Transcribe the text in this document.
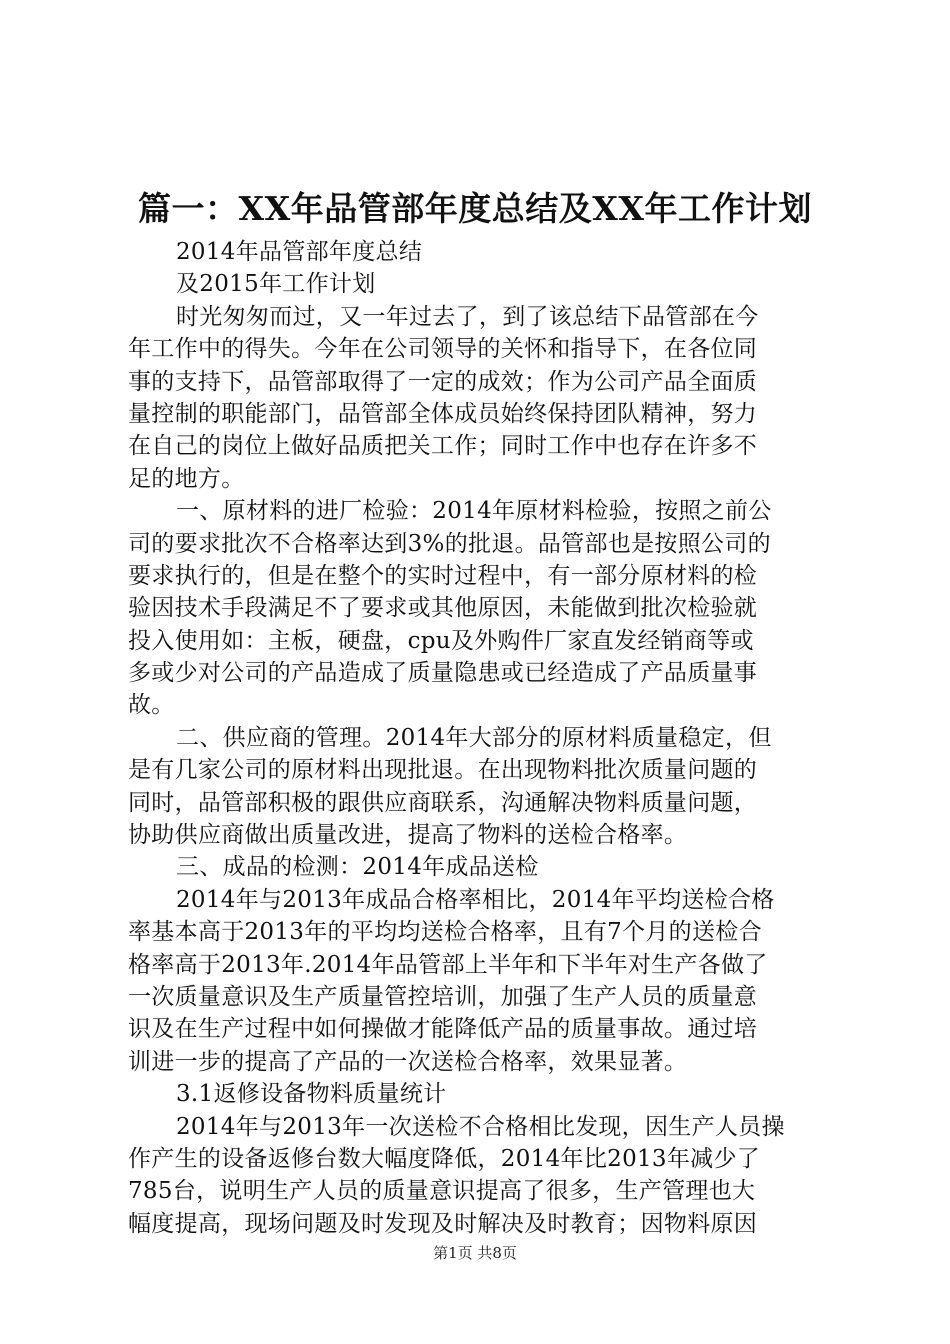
篇一：XX年品管部年度总结及XX年工作计划

2014年品管部年度总结

及2015年工作计划

时光匆匆而过，又一年过去了，到了该总结下品管部在今

年工作中的得失。今年在公司领导的关怀和指导下，在各位同

事的支持下，品管部取得了一定的成效；作为公司产品全面质

量控制的职能部门，品管部全体成员始终保持团队精神，努力

在自己的岗位上做好品质把关工作；同时工作中也存在许多不

足的地方。

一、原材料的进厂检验：2014年原材料检验，按照之前公

司的要求批次不合格率达到3%的批退。品管部也是按照公司的

要求执行的，但是在整个的实时过程中，有一部分原材料的检

验因技术手段满足不了要求或其他原因，未能做到批次检验就

投入使用如：主板，硬盘，cpu及外购件厂家直发经销商等或

多或少对公司的产品造成了质量隐患或已经造成了产品质量事

故。

二、供应商的管理。2014年大部分的原材料质量稳定，但

是有几家公司的原材料出现批退。在出现物料批次质量问题的

同时，品管部积极的跟供应商联系，沟通解决物料质量问题，

协助供应商做出质量改进，提高了物料的送检合格率。

三、成品的检测：2014年成品送检

2014年与2013年成品合格率相比，2014年平均送检合格

率基本高于2013年的平均均送检合格率，且有7个月的送检合

格率高于2013年.2014年品管部上半年和下半年对生产各做了

一次质量意识及生产质量管控培训，加强了生产人员的质量意

识及在生产过程中如何操做才能降低产品的质量事故。通过培

训进一步的提高了产品的一次送检合格率，效果显著。

3.1返修设备物料质量统计

2014年与2013年一次送检不合格相比发现，因生产人员操

作产生的设备返修台数大幅度降低，2014年比2013年减少了

785台，说明生产人员的质量意识提高了很多，生产管理也大

幅度提高，现场问题及时发现及时解决及时教育；因物料原因

第1页 共8页
